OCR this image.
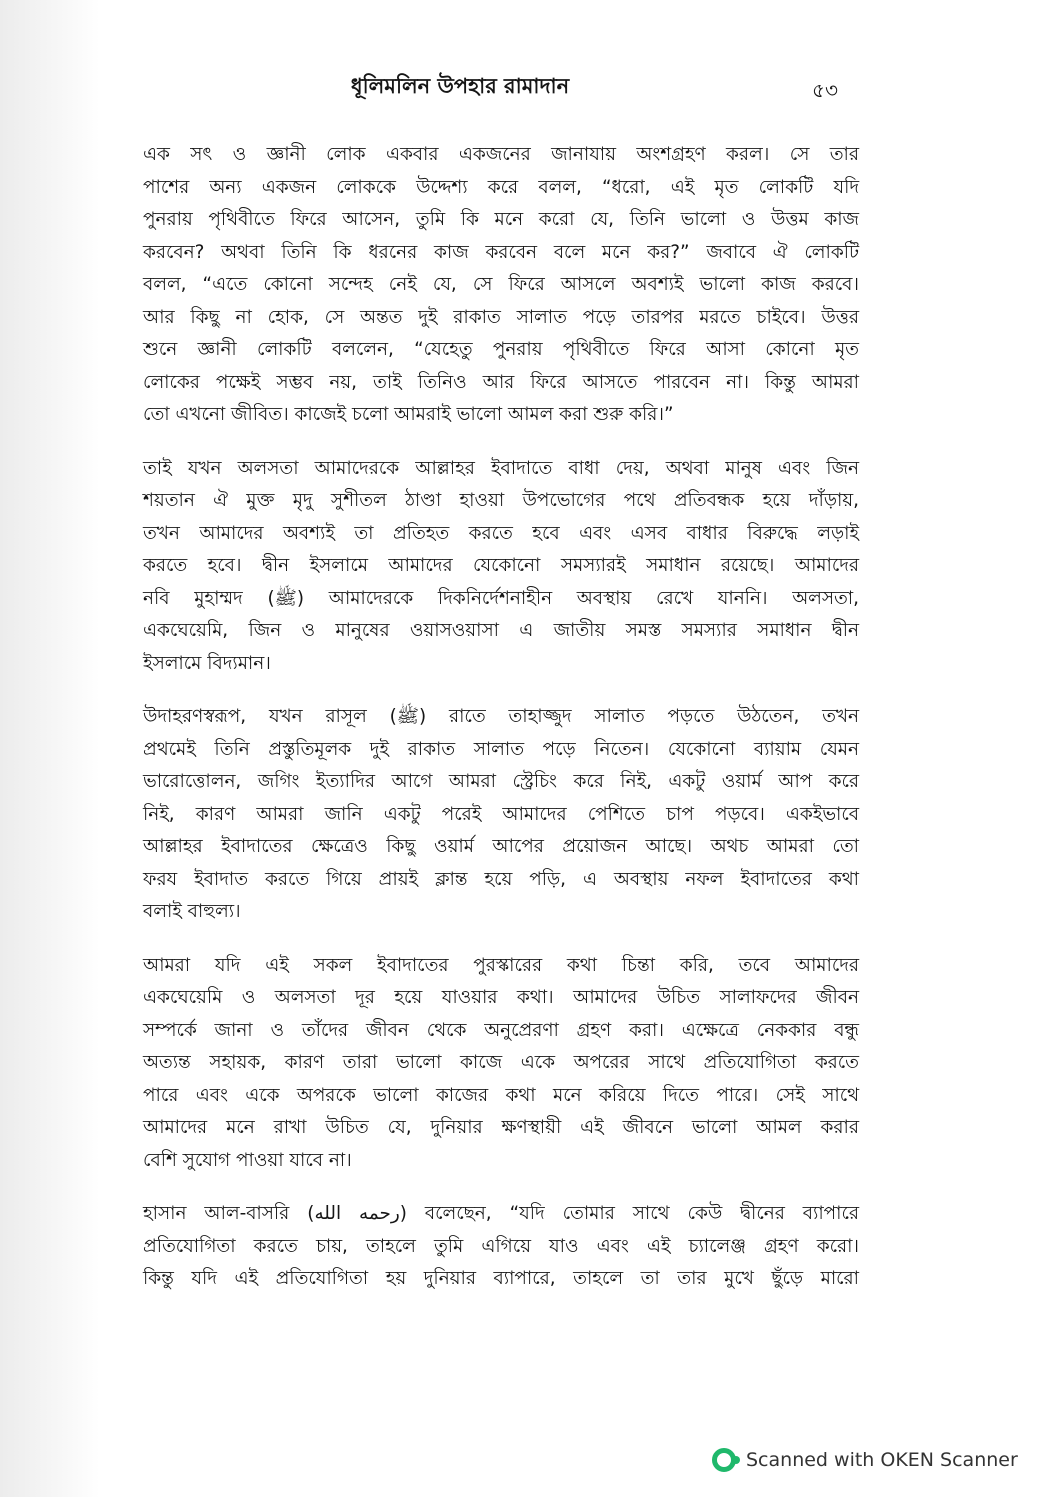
ধূলিমলিন উপহার রামাদান	৫৩
এক সৎ ও জ্ঞানী লোক একবার একজনের জানাযায় অংশগ্রহণ করল। সে তার
পাশের অন্য একজন লোককে উদ্দেশ্য করে বলল, “ধরো, এই মৃত লোকটি যদি
পুনরায় পৃথিবীতে ফিরে আসেন, তুমি কি মনে করো যে, তিনি ভালো ও উত্তম কাজ
করবেন? অথবা তিনি কি ধরনের কাজ করবেন বলে মনে কর?” জবাবে ঐ লোকটি
বলল, “এতে কোনো সন্দেহ নেই যে, সে ফিরে আসলে অবশ্যই ভালো কাজ করবে।
আর কিছু না হোক, সে অন্তত দুই রাকাত সালাত পড়ে তারপর মরতে চাইবে। উত্তর
শুনে জ্ঞানী লোকটি বললেন, “যেহেতু পুনরায় পৃথিবীতে ফিরে আসা কোনো মৃত
লোকের পক্ষেই সম্ভব নয়, তাই তিনিও আর ফিরে আসতে পারবেন না। কিন্তু আমরা
তো এখনো জীবিত। কাজেই চলো আমরাই ভালো আমল করা শুরু করি।”
তাই যখন অলসতা আমাদেরকে আল্লাহর ইবাদাতে বাধা দেয়, অথবা মানুষ এবং জিন
শয়তান ঐ মুক্ত মৃদু সুশীতল ঠাণ্ডা হাওয়া উপভোগের পথে প্রতিবন্ধক হয়ে দাঁড়ায়,
তখন আমাদের অবশ্যই তা প্রতিহত করতে হবে এবং এসব বাধার বিরুদ্ধে লড়াই
করতে হবে। দ্বীন ইসলামে আমাদের যেকোনো সমস্যারই সমাধান রয়েছে। আমাদের
নবি মুহাম্মদ (ﷺ) আমাদেরকে দিকনির্দেশনাহীন অবস্থায় রেখে যাননি। অলসতা,
একঘেয়েমি, জিন ও মানুষের ওয়াসওয়াসা এ জাতীয় সমস্ত সমস্যার সমাধান দ্বীন
ইসলামে বিদ্যমান।
উদাহরণস্বরূপ, যখন রাসূল (ﷺ) রাতে তাহাজ্জুদ সালাত পড়তে উঠতেন, তখন
প্রথমেই তিনি প্রস্তুতিমূলক দুই রাকাত সালাত পড়ে নিতেন। যেকোনো ব্যায়াম যেমন
ভারোত্তোলন, জগিং ইত্যাদির আগে আমরা স্ট্রেচিং করে নিই, একটু ওয়ার্ম আপ করে
নিই, কারণ আমরা জানি একটু পরেই আমাদের পেশিতে চাপ পড়বে। একইভাবে
আল্লাহর ইবাদাতের ক্ষেত্রেও কিছু ওয়ার্ম আপের প্রয়োজন আছে। অথচ আমরা তো
ফরয ইবাদাত করতে গিয়ে প্রায়ই ক্লান্ত হয়ে পড়ি, এ অবস্থায় নফল ইবাদাতের কথা
বলাই বাহুল্য।
আমরা যদি এই সকল ইবাদাতের পুরস্কারের কথা চিন্তা করি, তবে আমাদের
একঘেয়েমি ও অলসতা দূর হয়ে যাওয়ার কথা। আমাদের উচিত সালাফদের জীবন
সম্পর্কে জানা ও তাঁদের জীবন থেকে অনুপ্রেরণা গ্রহণ করা। এক্ষেত্রে নেককার বন্ধু
অত্যন্ত সহায়ক, কারণ তারা ভালো কাজে একে অপরের সাথে প্রতিযোগিতা করতে
পারে এবং একে অপরকে ভালো কাজের কথা মনে করিয়ে দিতে পারে। সেই সাথে
আমাদের মনে রাখা উচিত যে, দুনিয়ার ক্ষণস্থায়ী এই জীবনে ভালো আমল করার
বেশি সুযোগ পাওয়া যাবে না।
হাসান আল-বাসরি (رحمه الله) বলেছেন, “যদি তোমার সাথে কেউ দ্বীনের ব্যাপারে
প্রতিযোগিতা করতে চায়, তাহলে তুমি এগিয়ে যাও এবং এই চ্যালেঞ্জ গ্রহণ করো।
কিন্তু যদি এই প্রতিযোগিতা হয় দুনিয়ার ব্যাপারে, তাহলে তা তার মুখে ছুঁড়ে মারো
Scanned with OKEN Scanner
